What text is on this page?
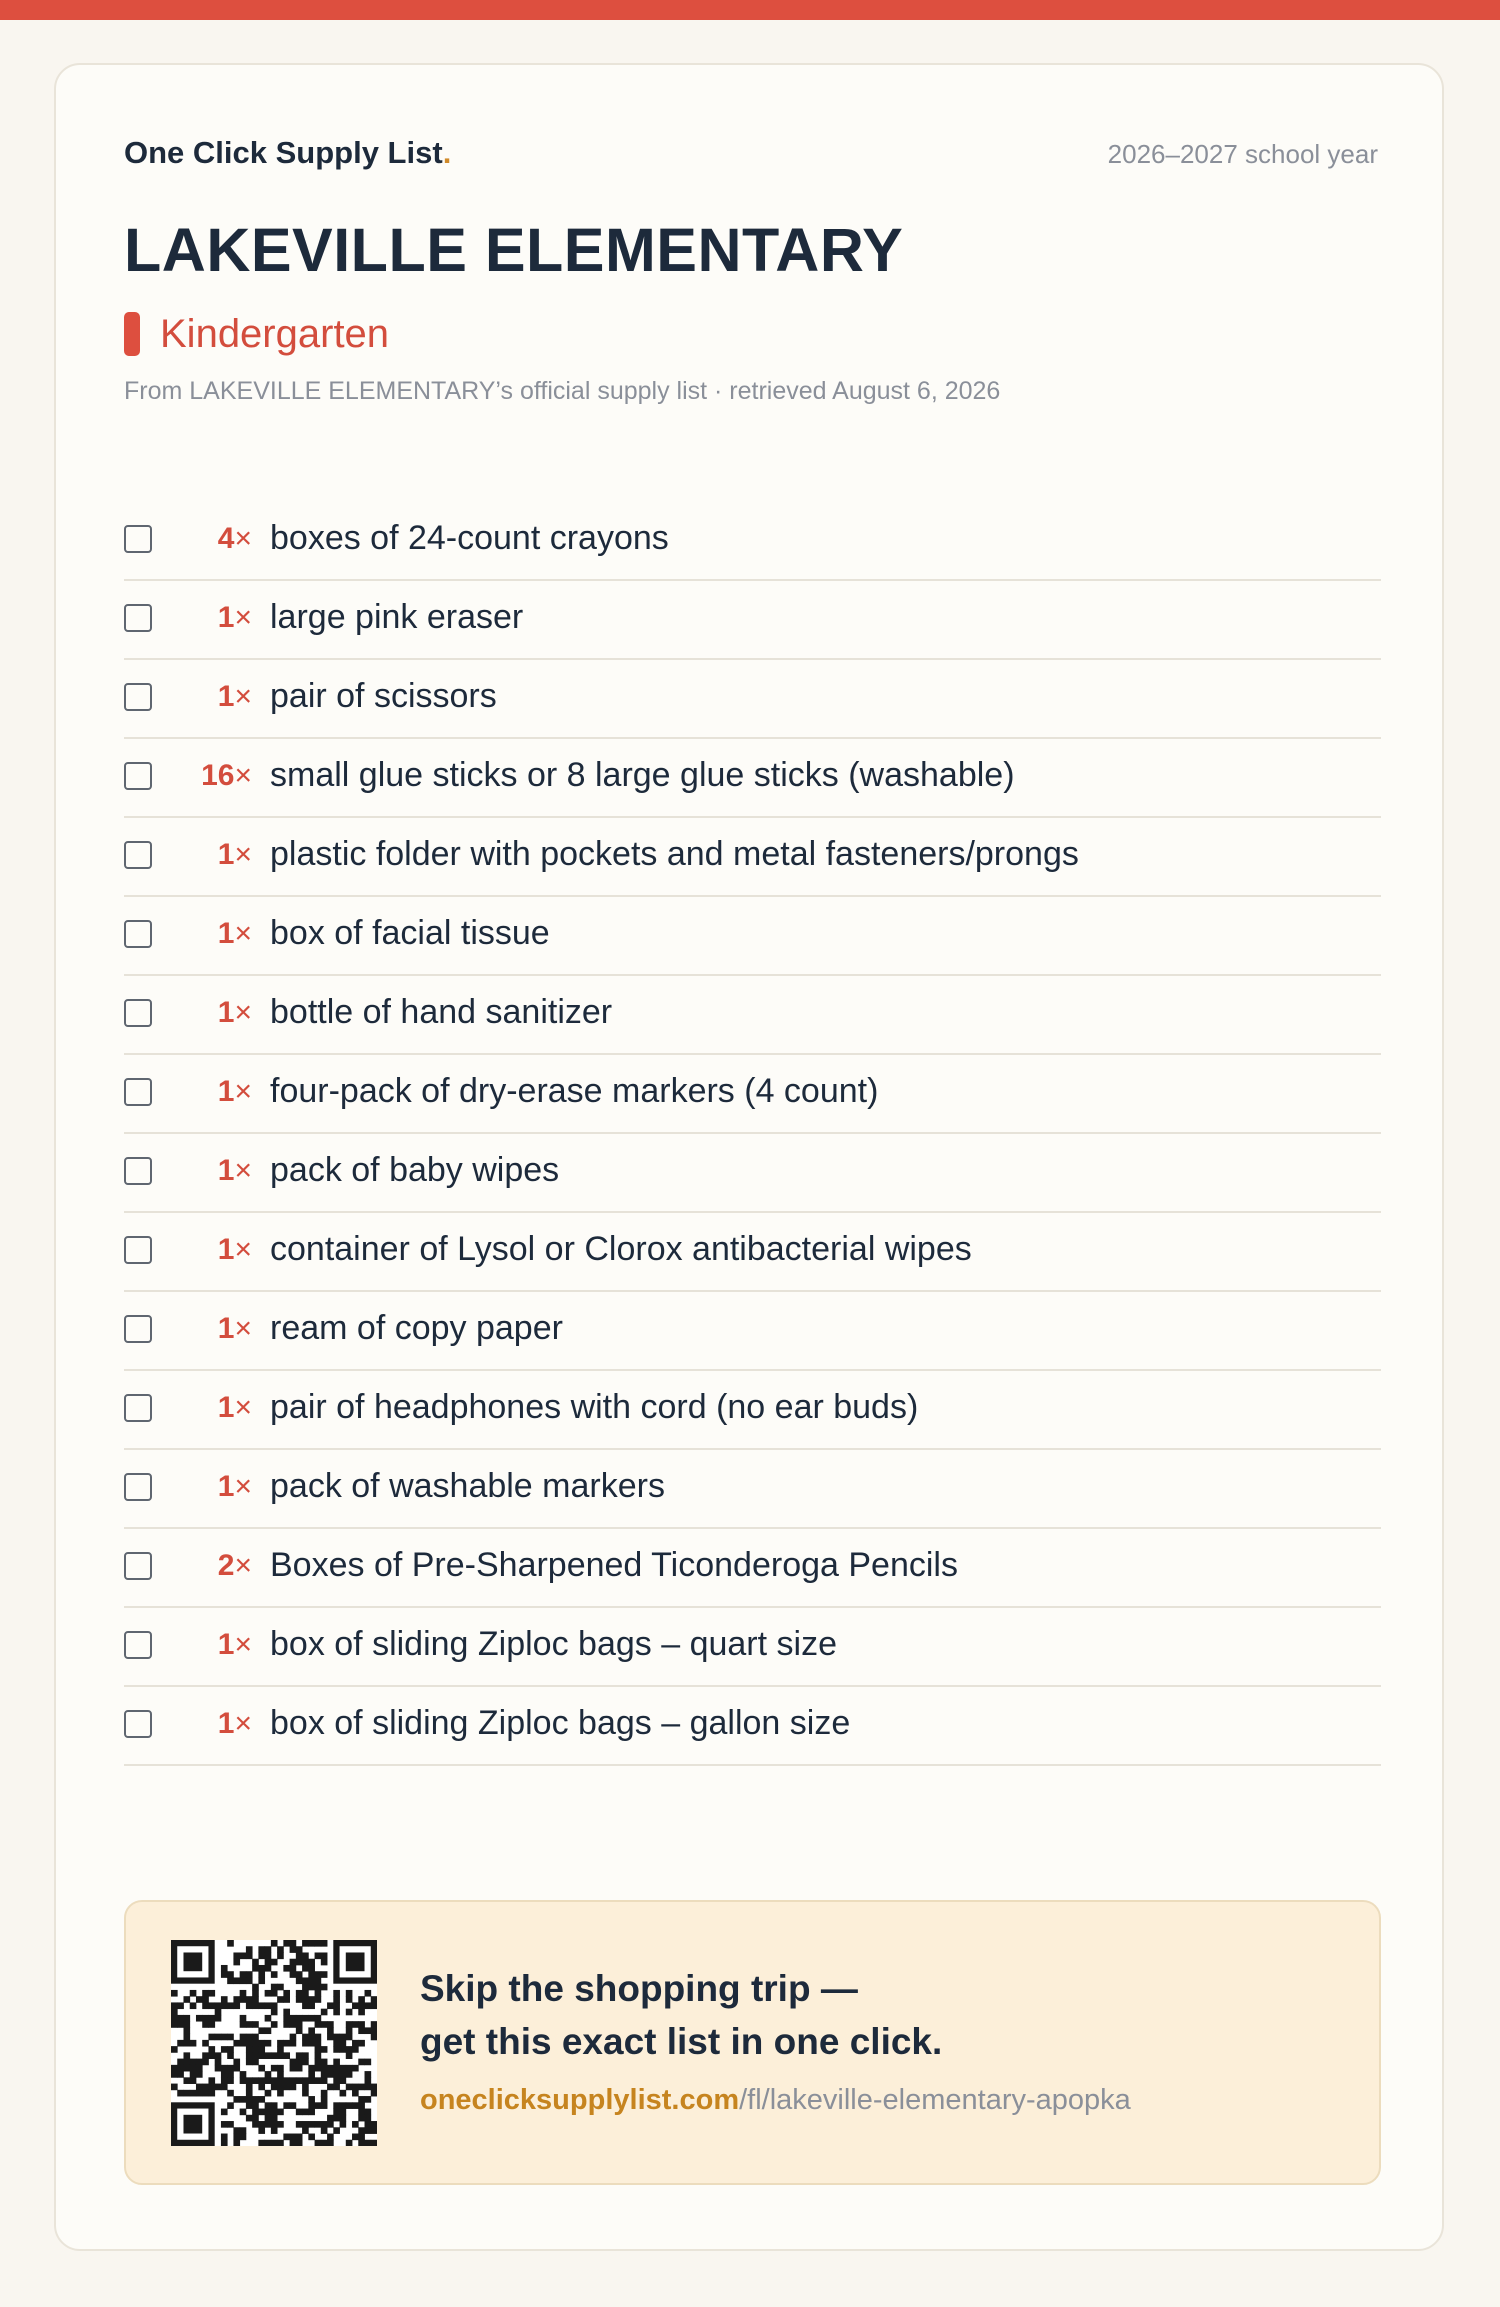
One Click Supply List.	2026–2027 school year
LAKEVILLE ELEMENTARY
Kindergarten
From LAKEVILLE ELEMENTARY’s official supply list · retrieved August 6, 2026
4× boxes of 24-count crayons
1× large pink eraser
1× pair of scissors
16× small glue sticks or 8 large glue sticks (washable)
1× plastic folder with pockets and metal fasteners/prongs
1× box of facial tissue
1× bottle of hand sanitizer
1× four-pack of dry-erase markers (4 count)
1× pack of baby wipes
1× container of Lysol or Clorox antibacterial wipes
1× ream of copy paper
1× pair of headphones with cord (no ear buds)
1× pack of washable markers
2× Boxes of Pre-Sharpened Ticonderoga Pencils
1× box of sliding Ziploc bags – quart size
1× box of sliding Ziploc bags – gallon size
Skip the shopping trip —
get this exact list in one click.
oneclicksupplylist.com/fl/lakeville-elementary-apopka
